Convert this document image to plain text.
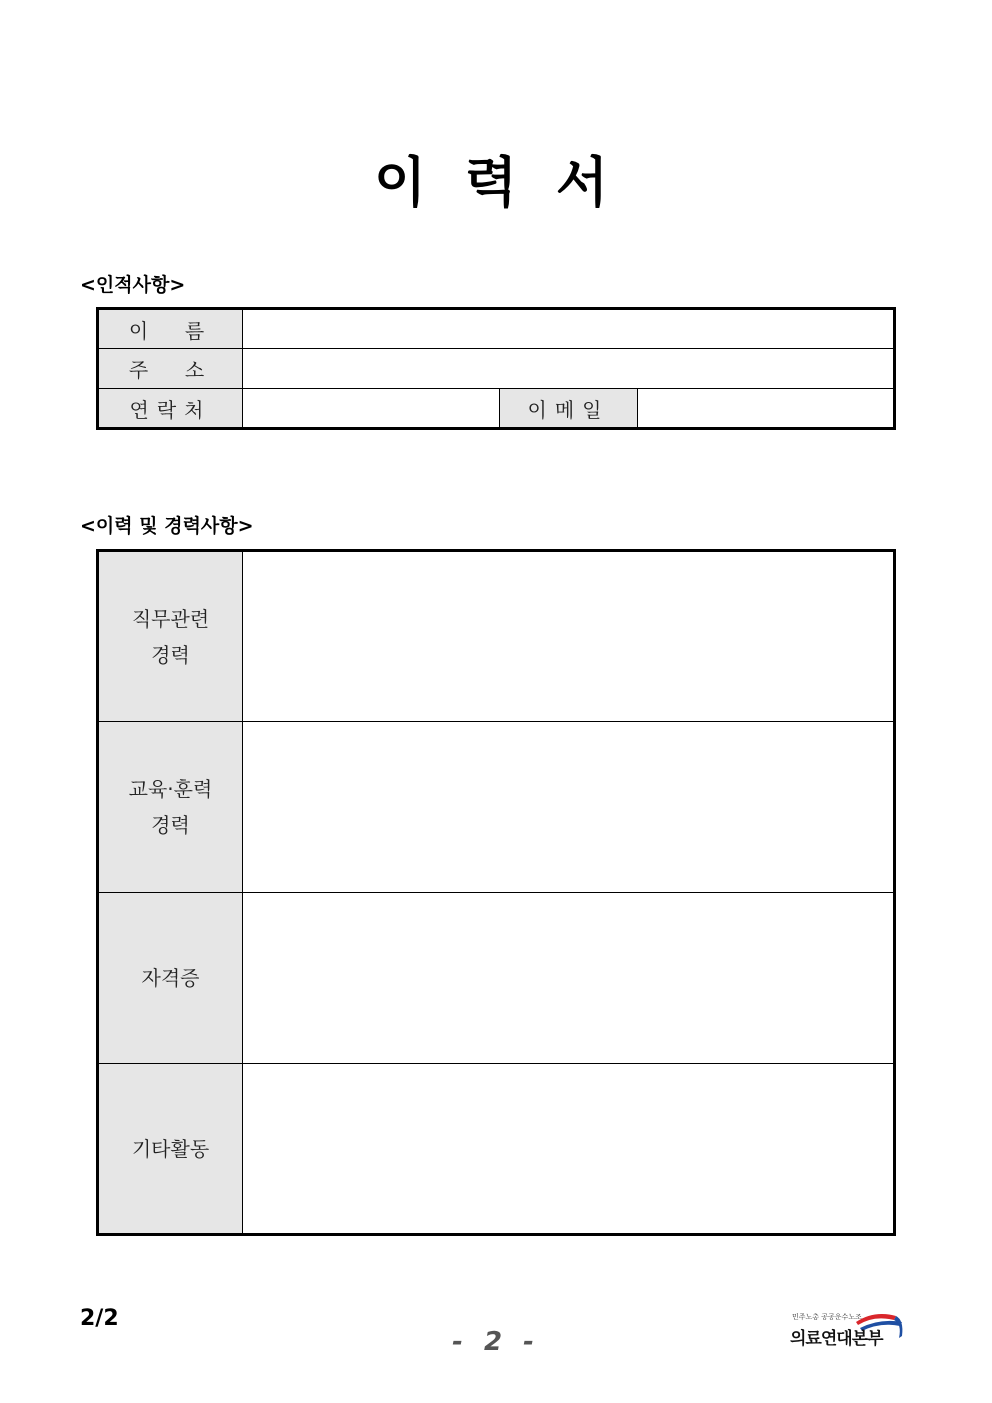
이 력 서
<인적사항>
이  름			
주  소			
연락처		이메일	
<이력 및 경력사항>
직무관련
경력	

교육·훈력
경력	

자격증	

기타활동	

2/2
- 2 -
민주노총 공공운수노조
의료연대본부
